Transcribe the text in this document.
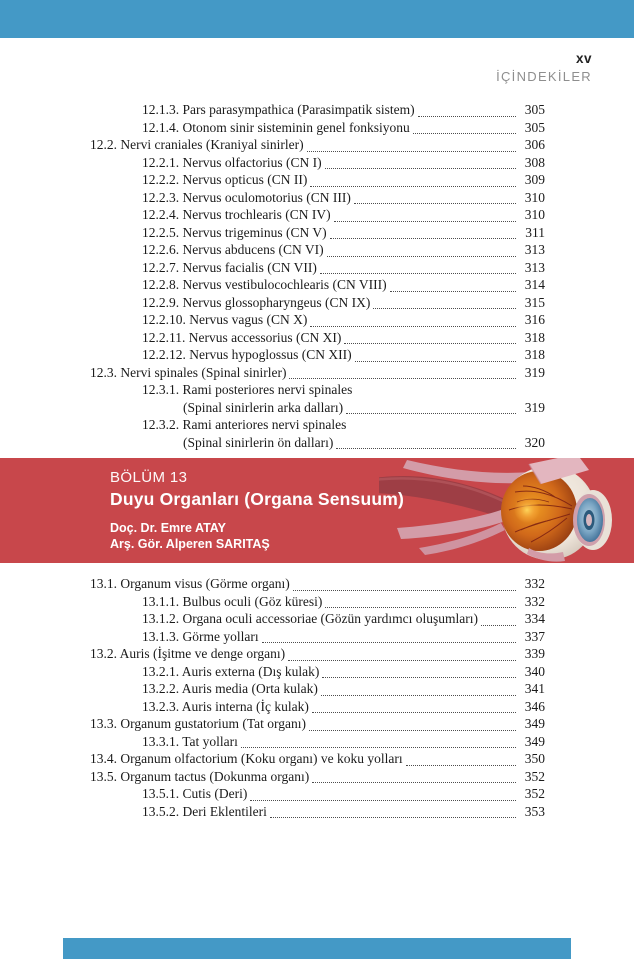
xv
İÇİNDEKİLER
12.1.3. Pars parasympathica (Parasimpatik sistem)	305
12.1.4. Otonom sinir sisteminin genel fonksiyonu	305
12.2. Nervi craniales (Kraniyal sinirler)	306
12.2.1. Nervus olfactorius (CN I)	308
12.2.2. Nervus opticus (CN II)	309
12.2.3. Nervus oculomotorius (CN III)	310
12.2.4. Nervus trochlearis (CN IV)	310
12.2.5. Nervus trigeminus (CN V)	311
12.2.6. Nervus abducens (CN VI)	313
12.2.7. Nervus facialis (CN VII)	313
12.2.8. Nervus vestibulocochlearis (CN VIII)	314
12.2.9. Nervus glossopharyngeus (CN IX)	315
12.2.10. Nervus vagus (CN X)	316
12.2.11. Nervus accessorius (CN XI)	318
12.2.12. Nervus hypoglossus (CN XII)	318
12.3. Nervi spinales (Spinal sinirler)	319
12.3.1. Rami posteriores nervi spinales
(Spinal sinirlerin arka dalları)	319
12.3.2. Rami anteriores nervi spinales
(Spinal sinirlerin ön dalları)	320
BÖLÜM 13
Duyu Organları (Organa Sensuum)
Doç. Dr. Emre ATAY
Arş. Gör. Alperen SARITAŞ
13.1. Organum visus (Görme organı)	332
13.1.1. Bulbus oculi (Göz küresi)	332
13.1.2. Organa oculi accessoriae (Gözün yardımcı oluşumları)	334
13.1.3. Görme yolları	337
13.2. Auris (İşitme ve denge organı)	339
13.2.1. Auris externa (Dış kulak)	340
13.2.2. Auris media (Orta kulak)	341
13.2.3. Auris interna (İç kulak)	346
13.3. Organum gustatorium (Tat organı)	349
13.3.1. Tat yolları	349
13.4. Organum olfactorium (Koku organı) ve koku yolları	350
13.5. Organum tactus (Dokunma organı)	352
13.5.1. Cutis (Deri)	352
13.5.2. Deri Eklentileri	353
